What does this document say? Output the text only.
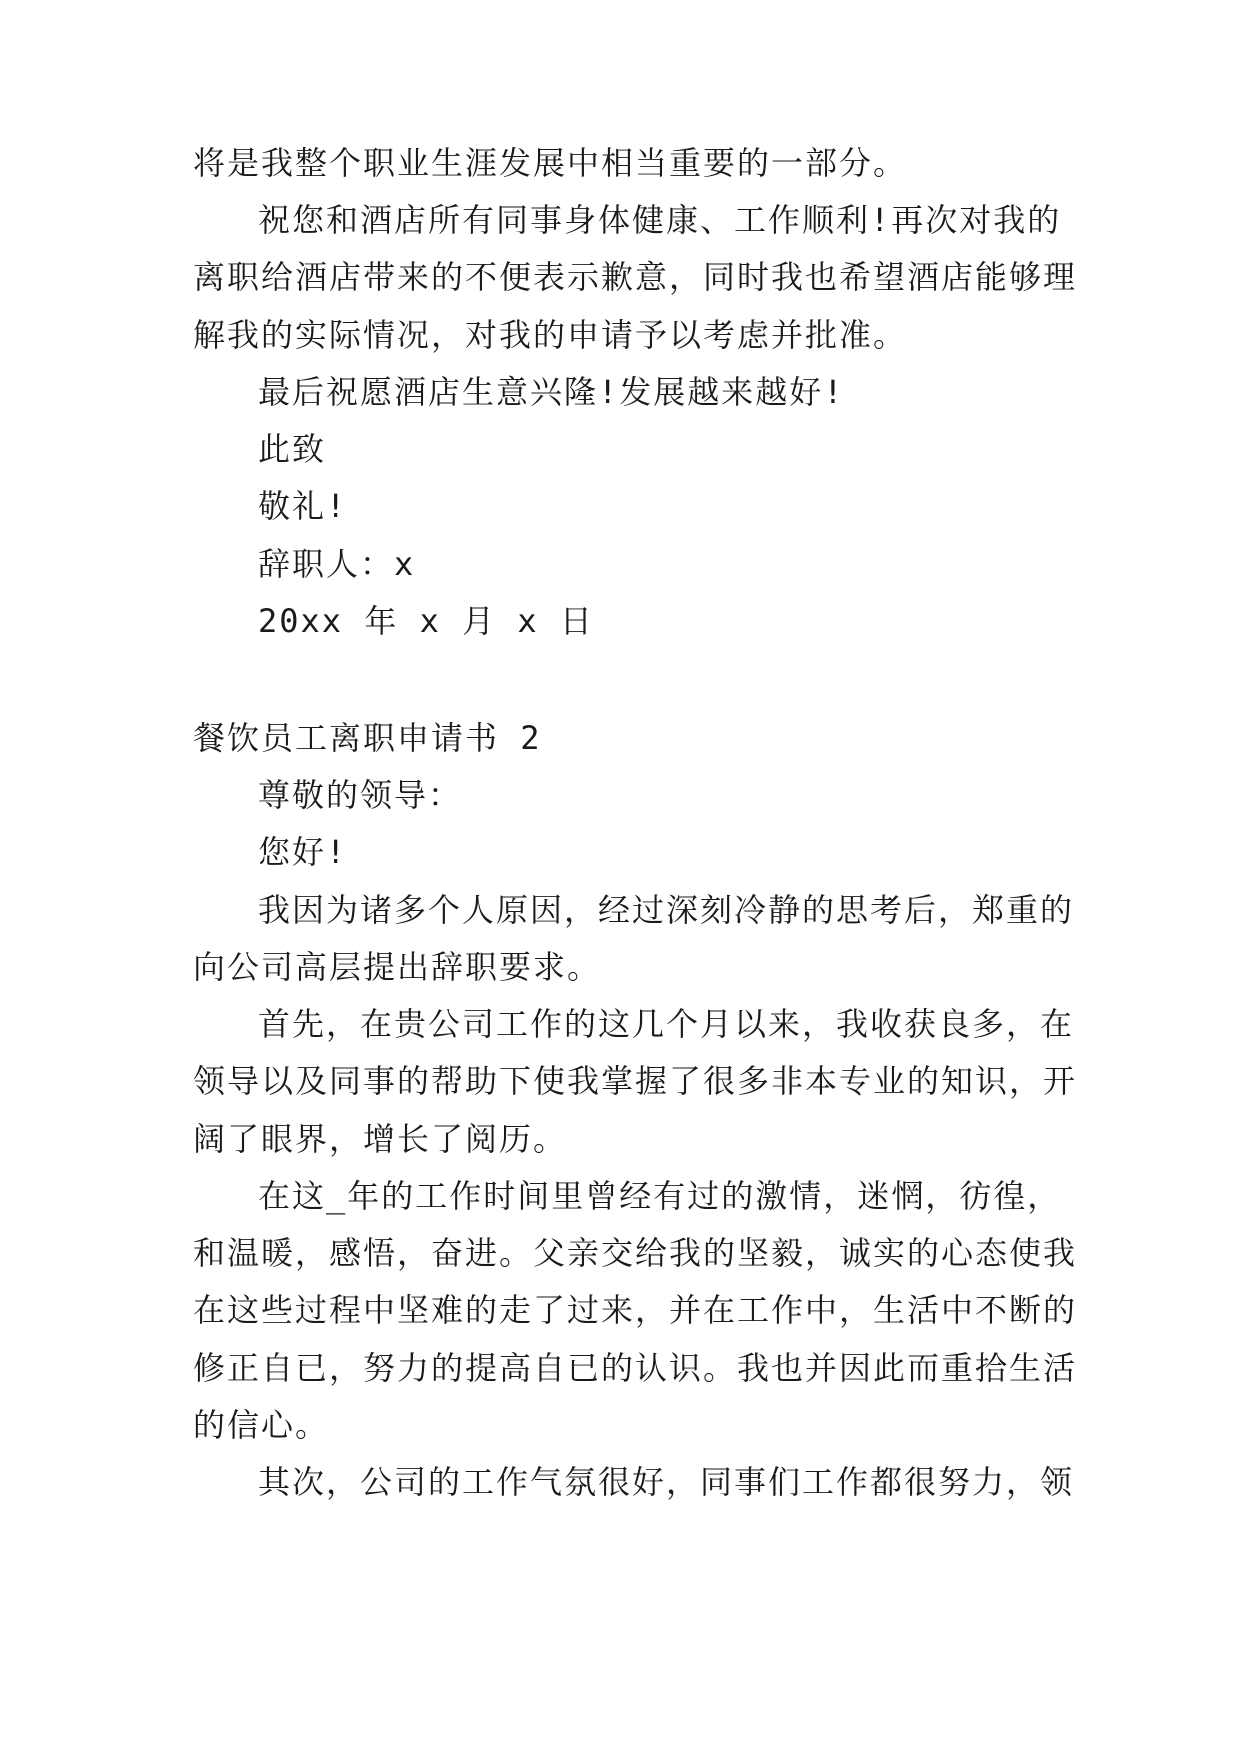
将是我整个职业生涯发展中相当重要的一部分。
祝您和酒店所有同事身体健康、工作顺利!再次对我的
离职给酒店带来的不便表示歉意，同时我也希望酒店能够理
解我的实际情况，对我的申请予以考虑并批准。
最后祝愿酒店生意兴隆!发展越来越好!
此致
敬礼!
辞职人：x
20xx 年 x 月 x 日
餐饮员工离职申请书 2
尊敬的领导：
您好!
我因为诸多个人原因，经过深刻冷静的思考后，郑重的
向公司高层提出辞职要求。
首先，在贵公司工作的这几个月以来，我收获良多，在
领导以及同事的帮助下使我掌握了很多非本专业的知识，开
阔了眼界，增长了阅历。
在这_年的工作时间里曾经有过的激情，迷惘，彷徨，
和温暖，感悟，奋进。父亲交给我的坚毅，诚实的心态使我
在这些过程中坚难的走了过来，并在工作中，生活中不断的
修正自已，努力的提高自已的认识。我也并因此而重拾生活
的信心。
其次，公司的工作气氛很好，同事们工作都很努力，领
